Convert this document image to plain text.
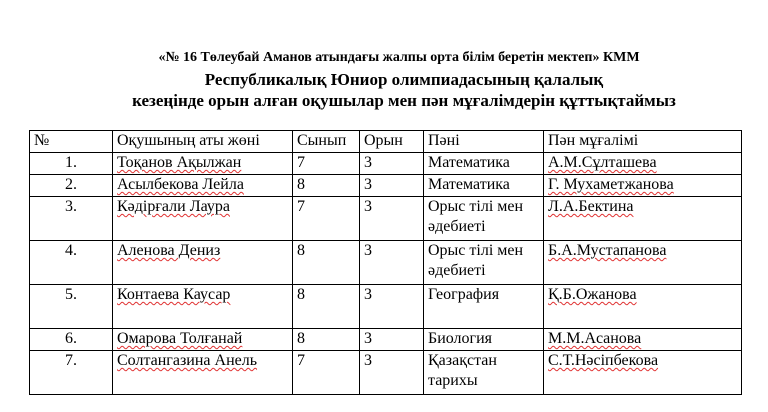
«№ 16 Төлеубай Аманов атындағы жалпы орта білім беретін мектеп» КММ
Республикалық Юниор олимпиадасының қалалық
кезеңінде орын алған оқушылар мен пән мұғалімдерін құттықтаймыз
№	Оқушының аты жөні	Сынып	Орын	Пәні	Пән мұғалімі
1.	Тоқанов Ақылжан	7	3	Математика	А.М.Сұлташева
2.	Асылбекова Лейла	8	3	Математика	Г. Мухаметжанова
3.	Кәдірғали Лаура	7	3	Орыс тілі мен әдебиеті	Л.А.Бектина
4.	Аленова Дениз	8	3	Орыс тілі мен әдебиеті	Б.А.Мустапанова
5.	Контаева Каусар	8	3	География	Қ.Б.Ожанова
6.	Омарова Толғанай	8	3	Биология	М.М.Acанова
7.	Солтангазина Анель	7	3	Қазақстан тарихы	С.Т.Нәсіпбекова
